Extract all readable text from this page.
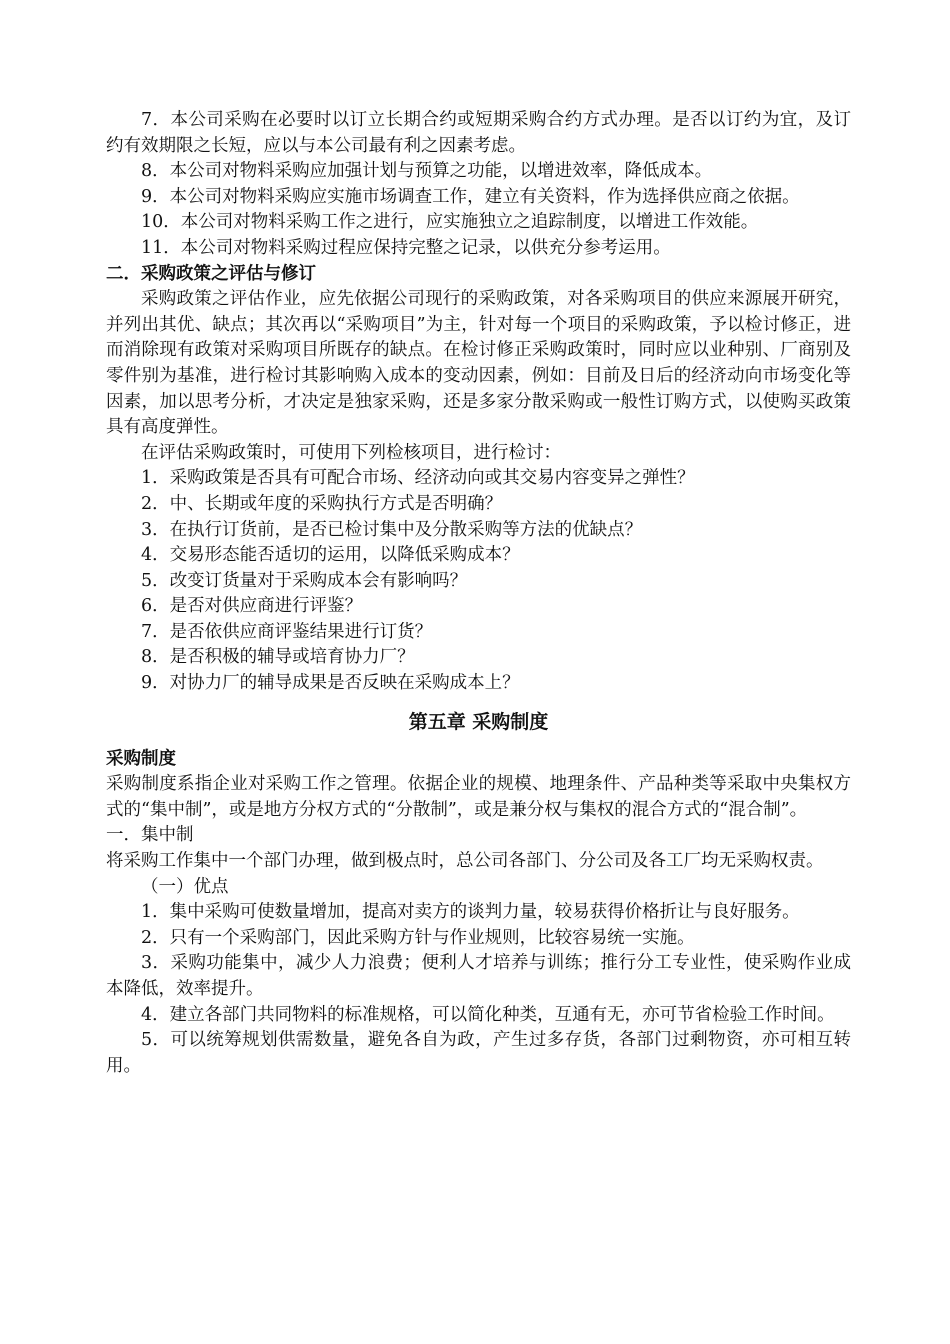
7．本公司采购在必要时以订立长期合约或短期采购合约方式办理。是否以订约为宜，及订约有效期限之长短，应以与本公司最有利之因素考虑。

8．本公司对物料采购应加强计划与预算之功能，以增进效率，降低成本。

9．本公司对物料采购应实施市场调查工作，建立有关资料，作为选择供应商之依据。

10．本公司对物料采购工作之进行，应实施独立之追踪制度，以增进工作效能。

11．本公司对物料采购过程应保持完整之记录，以供充分参考运用。

二．采购政策之评估与修订

采购政策之评估作业，应先依据公司现行的采购政策，对各采购项目的供应来源展开研究，并列出其优、缺点；其次再以“采购项目”为主，针对每一个项目的采购政策，予以检讨修正，进而消除现有政策对采购项目所既存的缺点。在检讨修正采购政策时，同时应以业种别、厂商别及零件别为基准，进行检讨其影响购入成本的变动因素，例如：目前及日后的经济动向市场变化等因素，加以思考分析，才决定是独家采购，还是多家分散采购或一般性订购方式，以使购买政策具有高度弹性。

在评估采购政策时，可使用下列检核项目，进行检讨：

1．采购政策是否具有可配合市场、经济动向或其交易内容变异之弹性？

2．中、长期或年度的采购执行方式是否明确？

3．在执行订货前，是否已检讨集中及分散采购等方法的优缺点？

4．交易形态能否适切的运用，以降低采购成本？

5．改变订货量对于采购成本会有影响吗？

6．是否对供应商进行评鉴？

7．是否依供应商评鉴结果进行订货？

8．是否积极的辅导或培育协力厂？

9．对协力厂的辅导成果是否反映在采购成本上？

第五章 采购制度

采购制度

采购制度系指企业对采购工作之管理。依据企业的规模、地理条件、产品种类等采取中央集权方式的“集中制”，或是地方分权方式的“分散制”，或是兼分权与集权的混合方式的“混合制”。

一．集中制

将采购工作集中一个部门办理，做到极点时，总公司各部门、分公司及各工厂均无采购权责。

（一）优点

1．集中采购可使数量增加，提高对卖方的谈判力量，较易获得价格折让与良好服务。

2．只有一个采购部门，因此采购方针与作业规则，比较容易统一实施。

3．采购功能集中，减少人力浪费；便利人才培养与训练；推行分工专业性，使采购作业成本降低，效率提升。

4．建立各部门共同物料的标准规格，可以简化种类，互通有无，亦可节省检验工作时间。

5．可以统筹规划供需数量，避免各自为政，产生过多存货，各部门过剩物资，亦可相互转用。
